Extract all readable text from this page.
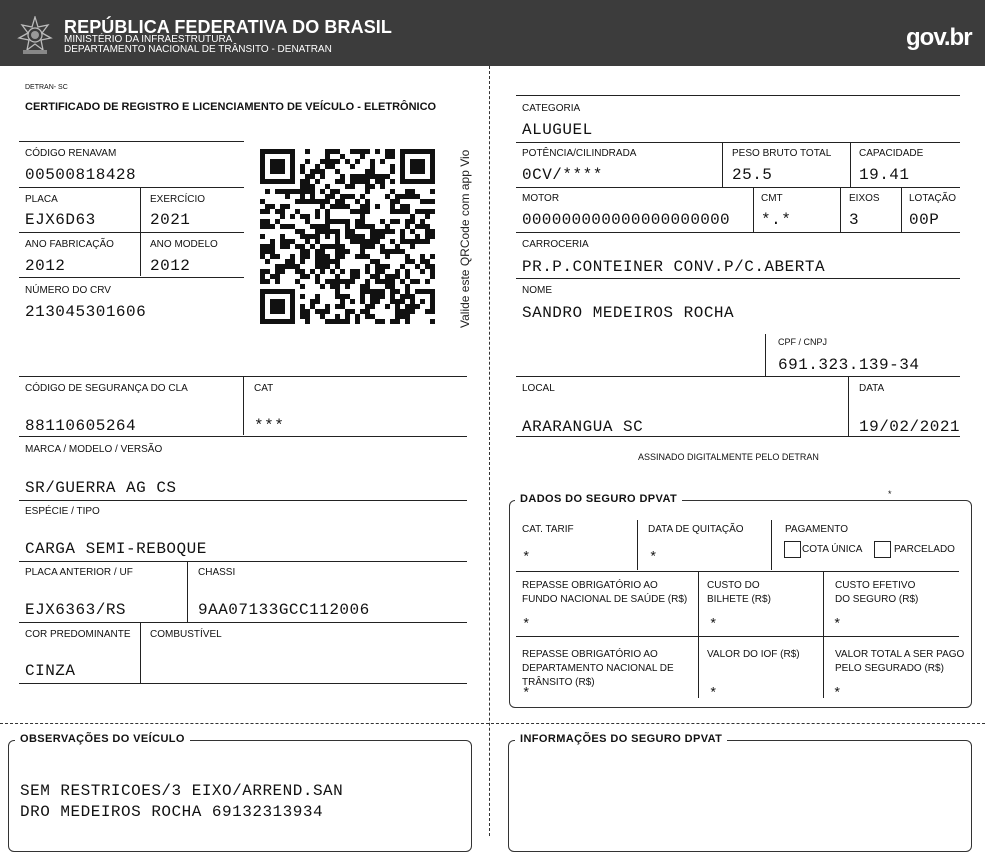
REPÚBLICA FEDERATIVA DO BRASIL
MINISTÉRIO DA INFRAESTRUTURA
DEPARTAMENTO NACIONAL DE TRÂNSITO - DENATRAN	gov.br
DETRAN- SC
CERTIFICADO DE REGISTRO E LICENCIAMENTO DE VEÍCULO - ELETRÔNICO
CÓDIGO RENAVAM
00500818428
PLACA
EJX6D63
EXERCÍCIO
2021
ANO FABRICAÇÃO
2012
ANO MODELO
2012
NÚMERO DO CRV
213045301606	Valide este QRCode com app Vio
CÓDIGO DE SEGURANÇA DO CLA
88110605264
CAT
***
MARCA / MODELO / VERSÃO
SR/GUERRA AG CS
ESPÉCIE / TIPO
CARGA SEMI-REBOQUE
PLACA ANTERIOR / UF
EJX6363/RS
CHASSI
9AA07133GCC112006
COR PREDOMINANTE
CINZA
COMBUSTÍVEL
CATEGORIA
ALUGUEL
POTÊNCIA/CILINDRADA
0CV/****
PESO BRUTO TOTAL
25.5
CAPACIDADE
19.41
MOTOR
000000000000000000000
CMT
*.*
EIXOS
3
LOTAÇÃO
00P
CARROCERIA
PR.P.CONTEINER CONV.P/C.ABERTA
NOME
SANDRO MEDEIROS ROCHA
CPF / CNPJ
691.323.139-34
LOCAL
ARARANGUA SC
DATA
19/02/2021
ASSINADO DIGITALMENTE PELO DETRAN
DADOS DO SEGURO DPVAT	*
CAT. TARIF
*
DATA DE QUITAÇÃO
*
PAGAMENTO
COTA ÚNICA	PARCELADO
REPASSE OBRIGATÓRIO AO
FUNDO NACIONAL DE SAÚDE (R$)
*
CUSTO DO
BILHETE (R$)
*
CUSTO EFETIVO
DO SEGURO (R$)
*
REPASSE OBRIGATÓRIO AO
DEPARTAMENTO NACIONAL DE
TRÂNSITO (R$)
*
VALOR DO IOF (R$)
*
VALOR TOTAL A SER PAGO
PELO SEGURADO (R$)
*
OBSERVAÇÕES DO VEÍCULO
SEM RESTRICOES/3 EIXO/ARREND.SAN
DRO MEDEIROS ROCHA 69132313934
INFORMAÇÕES DO SEGURO DPVAT
